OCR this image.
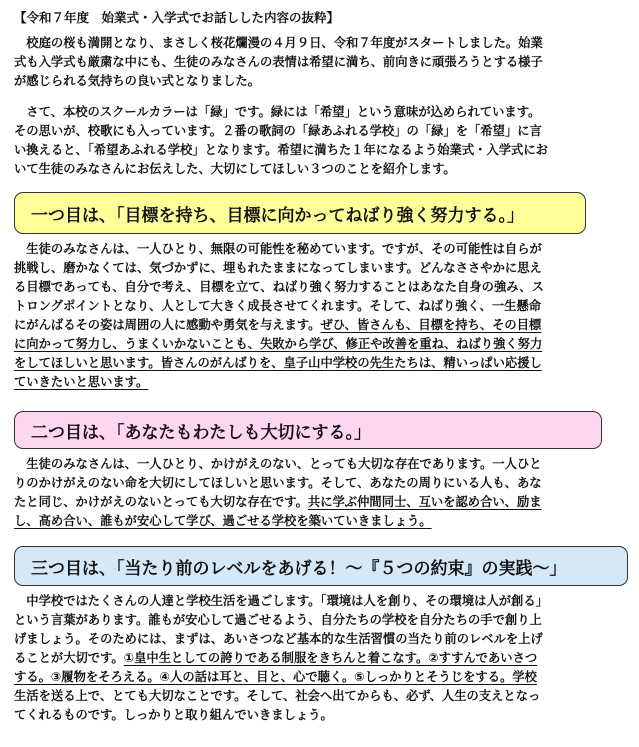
【令和７年度　始業式・入学式でお話しした内容の抜粋】
　校庭の桜も満開となり、まさしく桜花爛漫の４月９日、令和７年度がスタートしました。始業
式も入学式も厳粛な中にも、生徒のみなさんの表情は希望に満ち、前向きに頑張ろうとする様子
が感じられる気持ちの良い式となりました。
　さて、本校のスクールカラーは「緑」です。緑には「希望」という意味が込められています。
その思いが、校歌にも入っています。２番の歌詞の「緑あふれる学校」の「緑」を「希望」に言
い換えると、「希望あふれる学校」となります。希望に満ちた１年になるよう始業式・入学式にお
いて生徒のみなさんにお伝えした、大切にしてほしい３つのことを紹介します。
一つ目は、「目標を持ち、目標に向かってねばり強く努力する。」
　生徒のみなさんは、一人ひとり、無限の可能性を秘めています。ですが、その可能性は自らが
挑戦し、磨かなくては、気づかずに、埋もれたままになってしまいます。どんなささやかに思え
る目標であっても、自分で考え、目標を立て、ねばり強く努力することはあなた自身の強み、ス
トロングポイントとなり、人として大きく成長させてくれます。そして、ねばり強く、一生懸命
にがんばるその姿は周囲の人に感動や勇気を与えます。ぜひ、皆さんも、目標を持ち、その目標
に向かって努力し、うまくいかないことも、失敗から学び、修正や改善を重ね、ねばり強く努力
をしてほしいと思います。皆さんのがんばりを、皇子山中学校の先生たちは、精いっぱい応援し
ていきたいと思います。
二つ目は、「あなたもわたしも大切にする。」
　生徒のみなさんは、一人ひとり、かけがえのない、とっても大切な存在であります。一人ひと
りのかけがえのない命を大切にしてほしいと思います。そして、あなたの周りにいる人も、あな
たと同じ、かけがえのないとっても大切な存在です。共に学ぶ仲間同士、互いを認め合い、励ま
し、高め合い、誰もが安心して学び、過ごせる学校を築いていきましょう。
三つ目は、「当たり前のレベルをあげる！～『５つの約束』の実践～」
　中学校ではたくさんの人達と学校生活を過ごします。「環境は人を創り、その環境は人が創る」
という言葉があります。誰もが安心して過ごせるよう、自分たちの学校を自分たちの手で創り上
げましょう。そのためには、まずは、あいさつなど基本的な生活習慣の当たり前のレベルを上げ
ることが大切です。①皇中生としての誇りである制服をきちんと着こなす。②すすんであいさつ
する。③履物をそろえる。④人の話は耳と、目と、心で聴く。⑤しっかりとそうじをする。学校
生活を送る上で、とても大切なことです。そして、社会へ出てからも、必ず、人生の支えとなっ
てくれるものです。しっかりと取り組んでいきましょう。
